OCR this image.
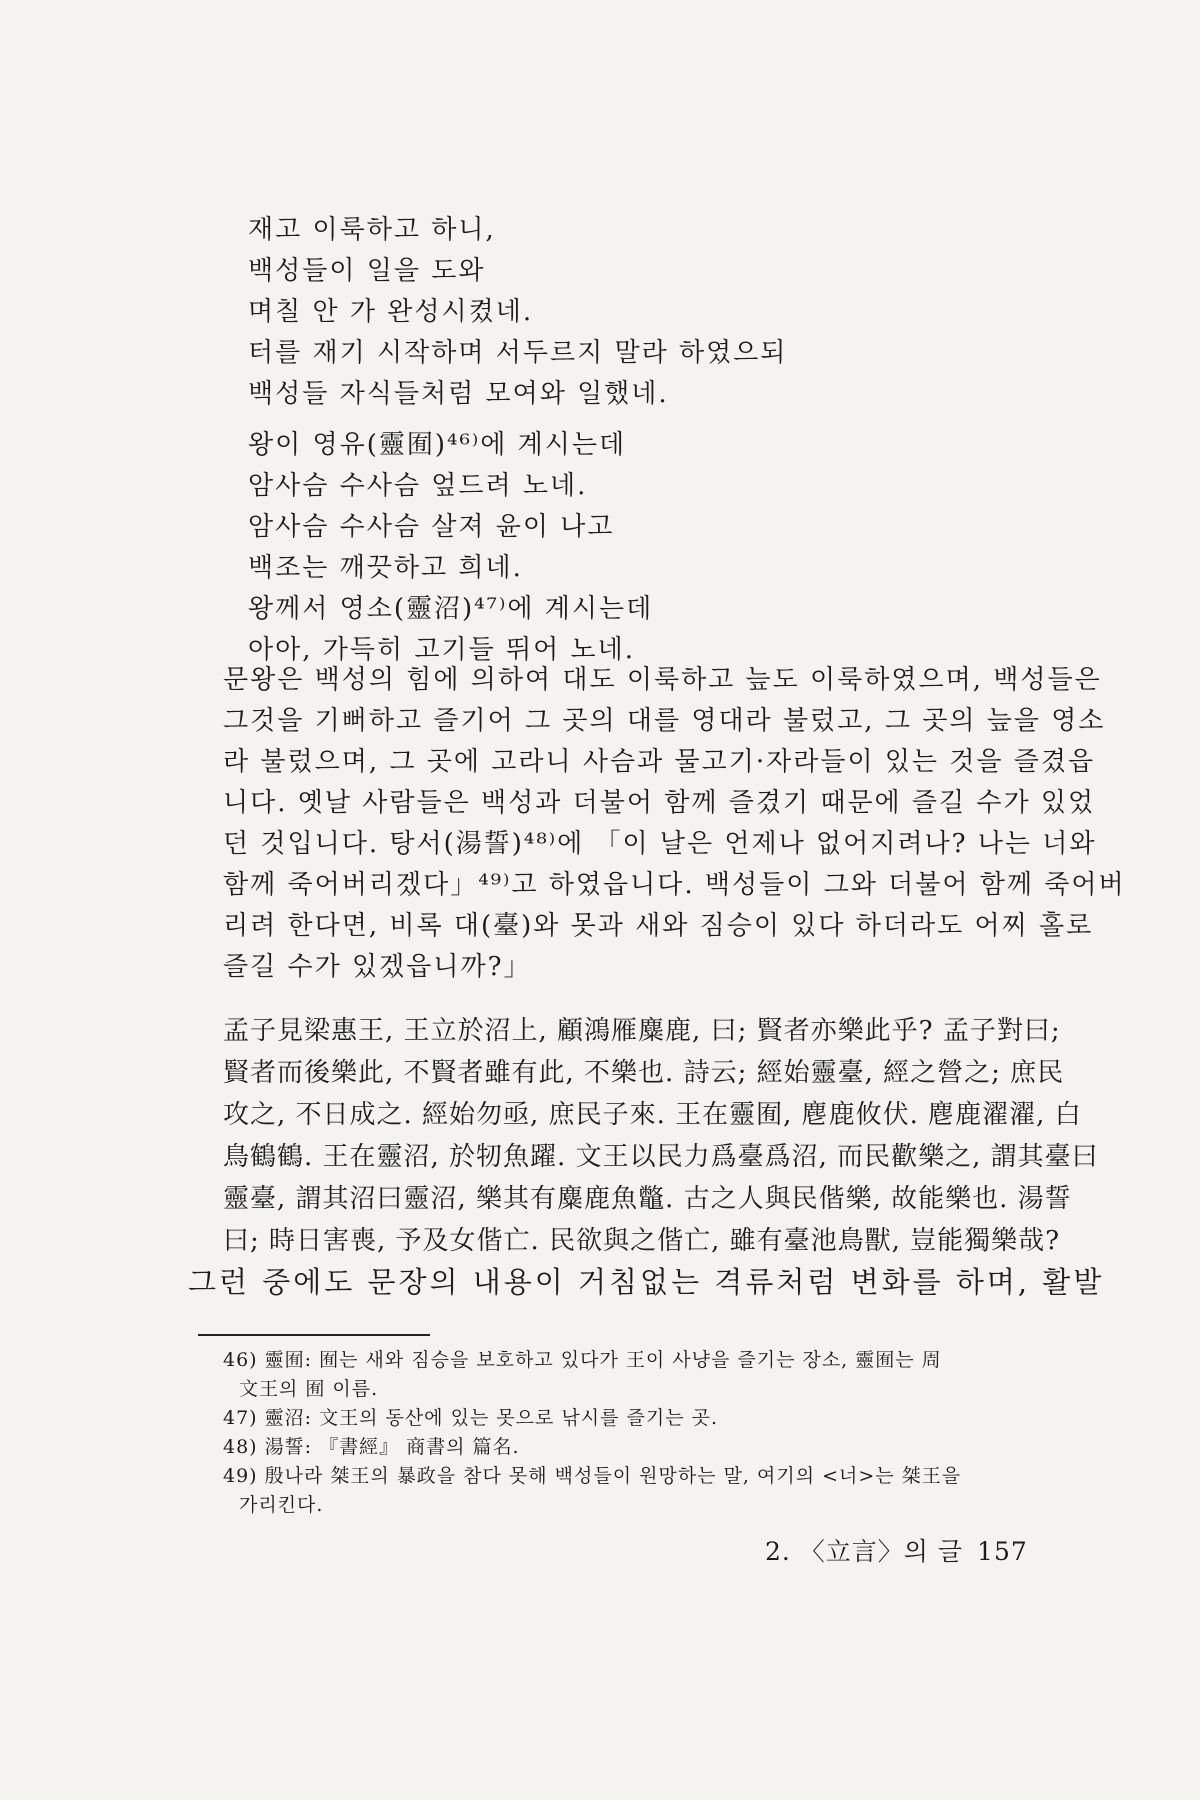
재고 이룩하고 하니,
백성들이 일을 도와
며칠 안 가 완성시켰네.
터를 재기 시작하며 서두르지 말라 하였으되
백성들 자식들처럼 모여와 일했네.
왕이 영유(靈囿)⁴⁶⁾에 계시는데
암사슴 수사슴 엎드려 노네.
암사슴 수사슴 살져 윤이 나고
백조는 깨끗하고 희네.
왕께서 영소(靈沼)⁴⁷⁾에 계시는데
아아, 가득히 고기들 뛰어 노네.
문왕은 백성의 힘에 의하여 대도 이룩하고 늪도 이룩하였으며, 백성들은
그것을 기뻐하고 즐기어 그 곳의 대를 영대라 불렀고, 그 곳의 늪을 영소
라 불렀으며, 그 곳에 고라니 사슴과 물고기·자라들이 있는 것을 즐겼읍
니다. 옛날 사람들은 백성과 더불어 함께 즐겼기 때문에 즐길 수가 있었
던 것입니다. 탕서(湯誓)⁴⁸⁾에 「이 날은 언제나 없어지려나? 나는 너와
함께 죽어버리겠다」⁴⁹⁾고 하였읍니다. 백성들이 그와 더불어 함께 죽어버
리려 한다면, 비록 대(臺)와 못과 새와 짐승이 있다 하더라도 어찌 홀로
즐길 수가 있겠읍니까?」
孟子見梁惠王, 王立於沼上, 顧鴻雁麋鹿, 曰; 賢者亦樂此乎? 孟子對曰;
賢者而後樂此, 不賢者雖有此, 不樂也. 詩云; 經始靈臺, 經之營之; 庶民
攻之, 不日成之. 經始勿亟, 庶民子來. 王在靈囿, 麀鹿攸伏. 麀鹿濯濯, 白
鳥鶴鶴. 王在靈沼, 於牣魚躍. 文王以民力爲臺爲沼, 而民歡樂之, 謂其臺曰
靈臺, 謂其沼曰靈沼, 樂其有麋鹿魚鼈. 古之人與民偕樂, 故能樂也. 湯誓
曰; 時日害喪, 予及女偕亡. 民欲與之偕亡, 雖有臺池鳥獸, 豈能獨樂哉?
그런 중에도 문장의 내용이 거침없는 격류처럼 변화를 하며, 활발
46) 靈囿: 囿는 새와 짐승을 보호하고 있다가 王이 사냥을 즐기는 장소, 靈囿는 周
文王의 囿 이름.
47) 靈沼: 文王의 동산에 있는 못으로 낚시를 즐기는 곳.
48) 湯誓: 『書經』 商書의 篇名.
49) 殷나라 桀王의 暴政을 참다 못해 백성들이 원망하는 말, 여기의 <너>는 桀王을
가리킨다.
2. 〈立言〉의 글 157
